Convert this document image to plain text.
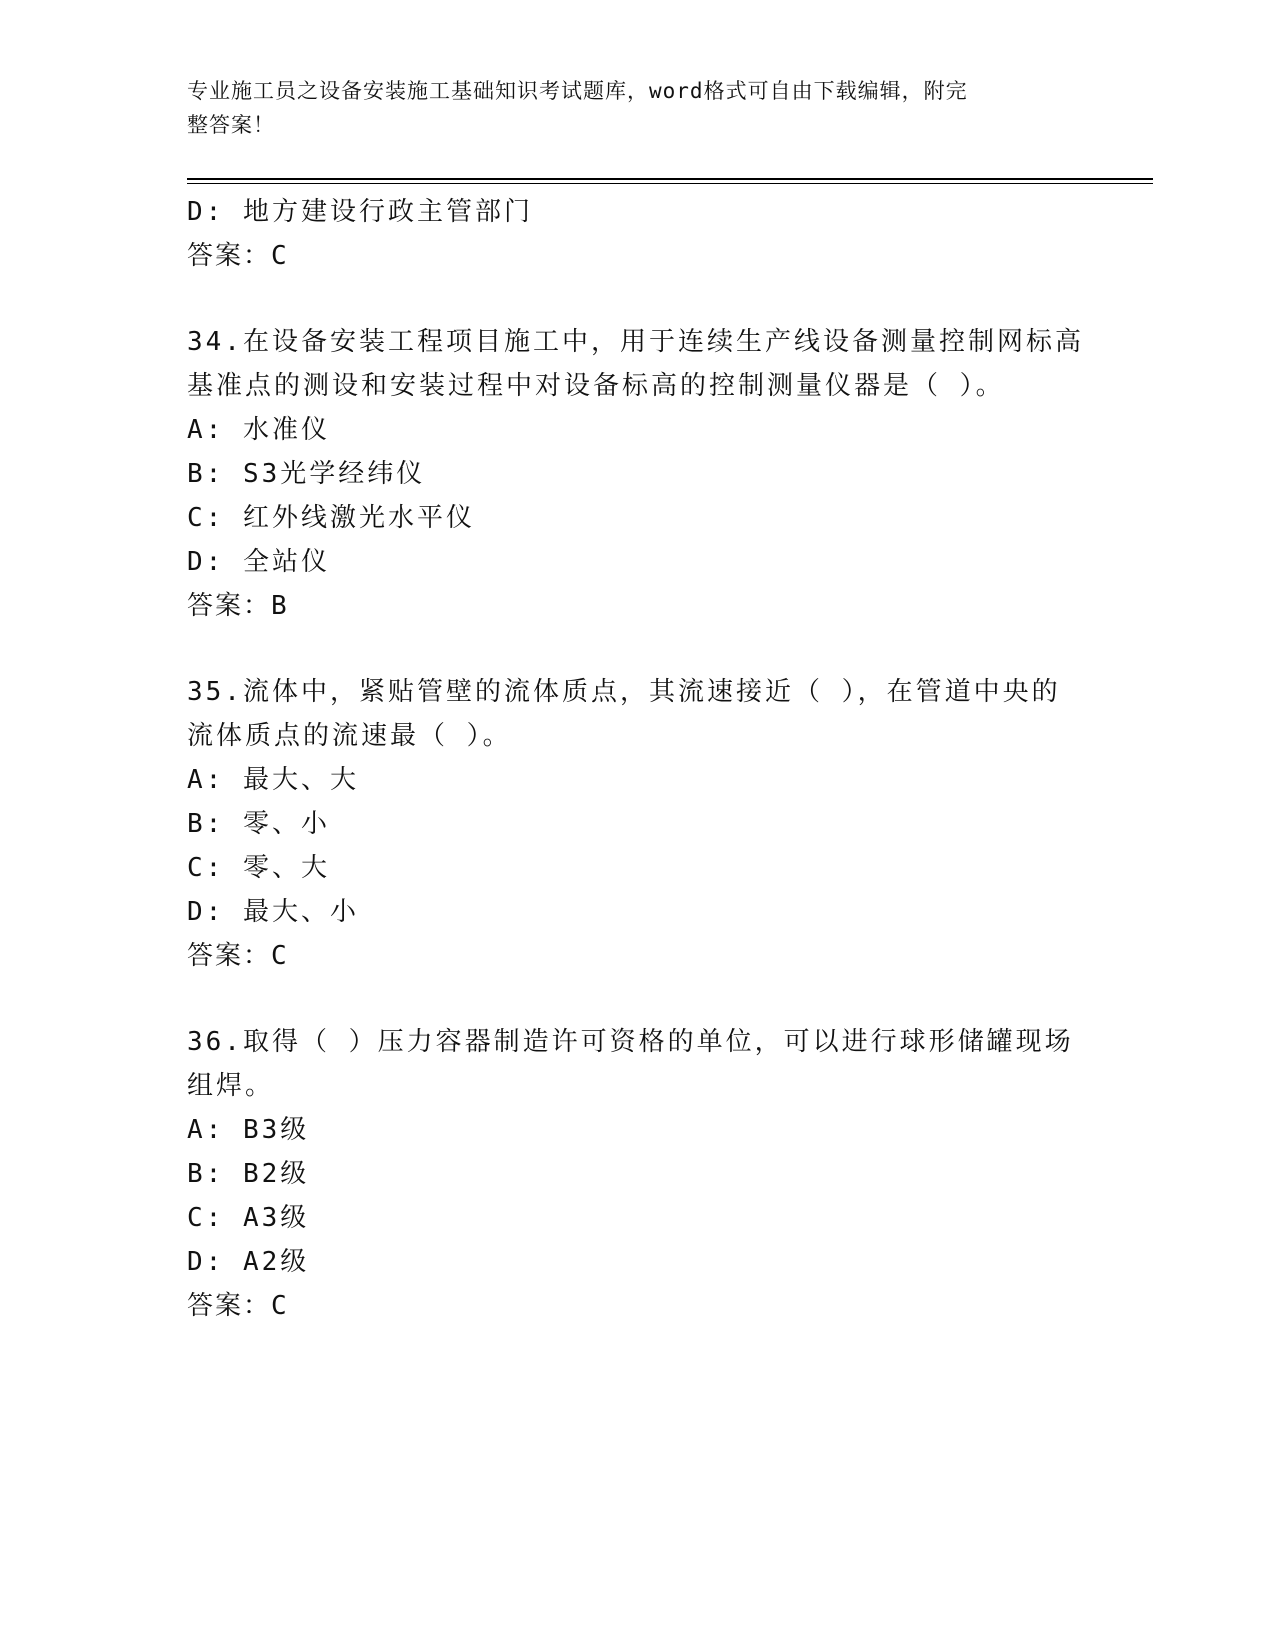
专业施工员之设备安装施工基础知识考试题库，word格式可自由下载编辑，附完
整答案！
D: 地方建设行政主管部门
答案：C
34.在设备安装工程项目施工中，用于连续生产线设备测量控制网标高
基准点的测设和安装过程中对设备标高的控制测量仪器是（ ）。
A: 水准仪
B: S3光学经纬仪
C: 红外线激光水平仪
D: 全站仪
答案：B
35.流体中，紧贴管壁的流体质点，其流速接近（ ），在管道中央的
流体质点的流速最（ ）。
A: 最大、大
B: 零、小
C: 零、大
D: 最大、小
答案：C
36.取得（ ）压力容器制造许可资格的单位，可以进行球形储罐现场
组焊。
A: B3级
B: B2级
C: A3级
D: A2级
答案：C
